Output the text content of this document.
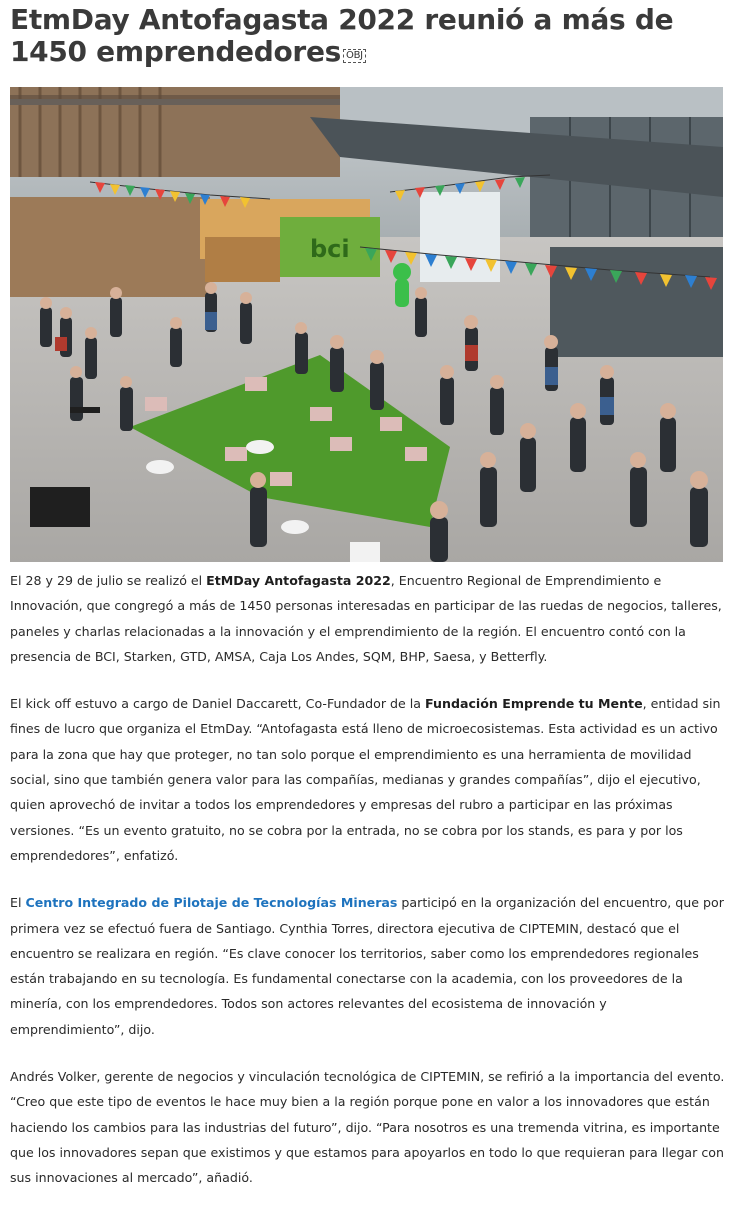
EtmDay Antofagasta 2022 reunió a más de 1450 emprendedores OBJ
bci

El 28 y 29 de julio se realizó el EtMDay Antofagasta 2022, Encuentro Regional de Emprendimiento e Innovación, que congregó a más de 1450 personas interesadas en participar de las ruedas de negocios, talleres, paneles y charlas relacionadas a la innovación y el emprendimiento de la región. El encuentro contó con la presencia de BCI, Starken, GTD, AMSA, Caja Los Andes, SQM, BHP, Saesa, y Betterfly.

El kick off estuvo a cargo de Daniel Daccarett, Co-Fundador de la Fundación Emprende tu Mente, entidad sin fines de lucro que organiza el EtmDay. “Antofagasta está lleno de microecosistemas. Esta actividad es un activo para la zona que hay que proteger, no tan solo porque el emprendimiento es una herramienta de movilidad social, sino que también genera valor para las compañías, medianas y grandes compañías”, dijo el ejecutivo, quien aprovechó de invitar a todos los emprendedores y empresas del rubro a participar en las próximas versiones. “Es un evento gratuito, no se cobra por la entrada, no se cobra por los stands, es para y por los emprendedores”, enfatizó.

El Centro Integrado de Pilotaje de Tecnologías Mineras participó en la organización del encuentro, que por primera vez se efectuó fuera de Santiago. Cynthia Torres, directora ejecutiva de CIPTEMIN, destacó que el encuentro se realizara en región. “Es clave conocer los territorios, saber como los emprendedores regionales están trabajando en su tecnología. Es fundamental conectarse con la academia, con los proveedores de la minería, con los emprendedores. Todos son actores relevantes del ecosistema de innovación y emprendimiento”, dijo.

Andrés Volker, gerente de negocios y vinculación tecnológica de CIPTEMIN, se refirió a la importancia del evento. “Creo que este tipo de eventos le hace muy bien a la región porque pone en valor a los innovadores que están haciendo los cambios para las industrias del futuro”, dijo. “Para nosotros es una tremenda vitrina, es importante que los innovadores sepan que existimos y que estamos para apoyarlos en todo lo que requieran para llegar con sus innovaciones al mercado”, añadió.
